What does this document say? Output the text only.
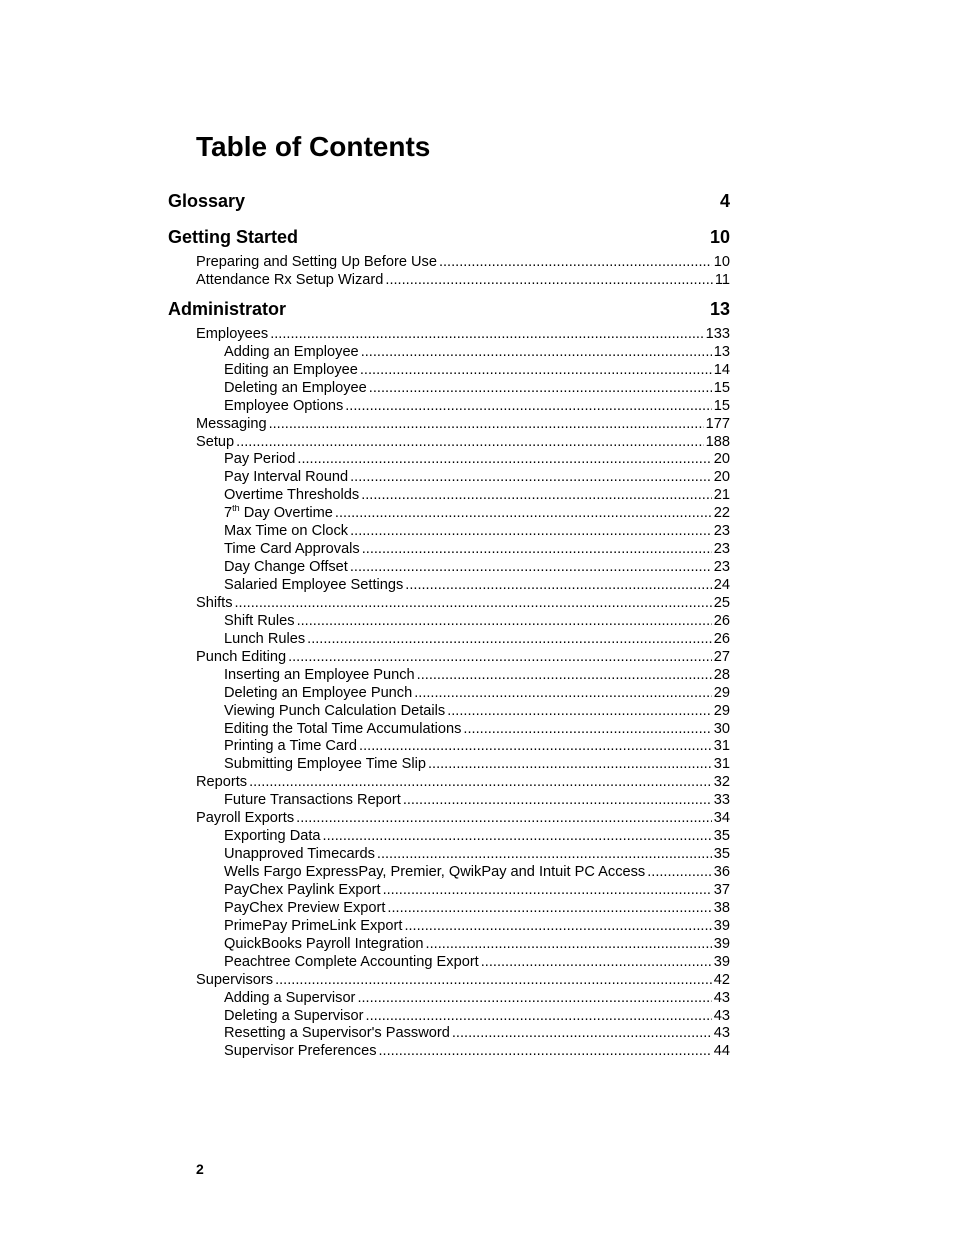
Table of Contents
Glossary	4
Getting Started	10
Preparing and Setting Up Before Use .....	10
Attendance Rx Setup Wizard .....	11
Administrator	13
Employees .....	133
Adding an Employee .....	13
Editing an Employee .....	14
Deleting an Employee .....	15
Employee Options .....	15
Messaging .....	177
Setup .....	188
Pay Period .....	20
Pay Interval Round .....	20
Overtime Thresholds .....	21
7th Day Overtime .....	22
Max Time on Clock .....	23
Time Card Approvals .....	23
Day Change Offset .....	23
Salaried Employee Settings .....	24
Shifts .....	25
Shift Rules .....	26
Lunch Rules .....	26
Punch Editing .....	27
Inserting an Employee Punch .....	28
Deleting an Employee Punch .....	29
Viewing Punch Calculation Details .....	29
Editing the Total Time Accumulations .....	30
Printing a Time Card .....	31
Submitting Employee Time Slip .....	31
Reports .....	32
Future Transactions Report .....	33
Payroll Exports .....	34
Exporting Data .....	35
Unapproved Timecards .....	35
Wells Fargo ExpressPay, Premier, QwikPay and Intuit PC Access .....	36
PayChex Paylink Export .....	37
PayChex Preview Export .....	38
PrimePay PrimeLink Export .....	39
QuickBooks Payroll Integration .....	39
Peachtree Complete Accounting Export .....	39
Supervisors .....	42
Adding a Supervisor .....	43
Deleting a Supervisor .....	43
Resetting a Supervisor's Password .....	43
Supervisor Preferences .....	44
2
